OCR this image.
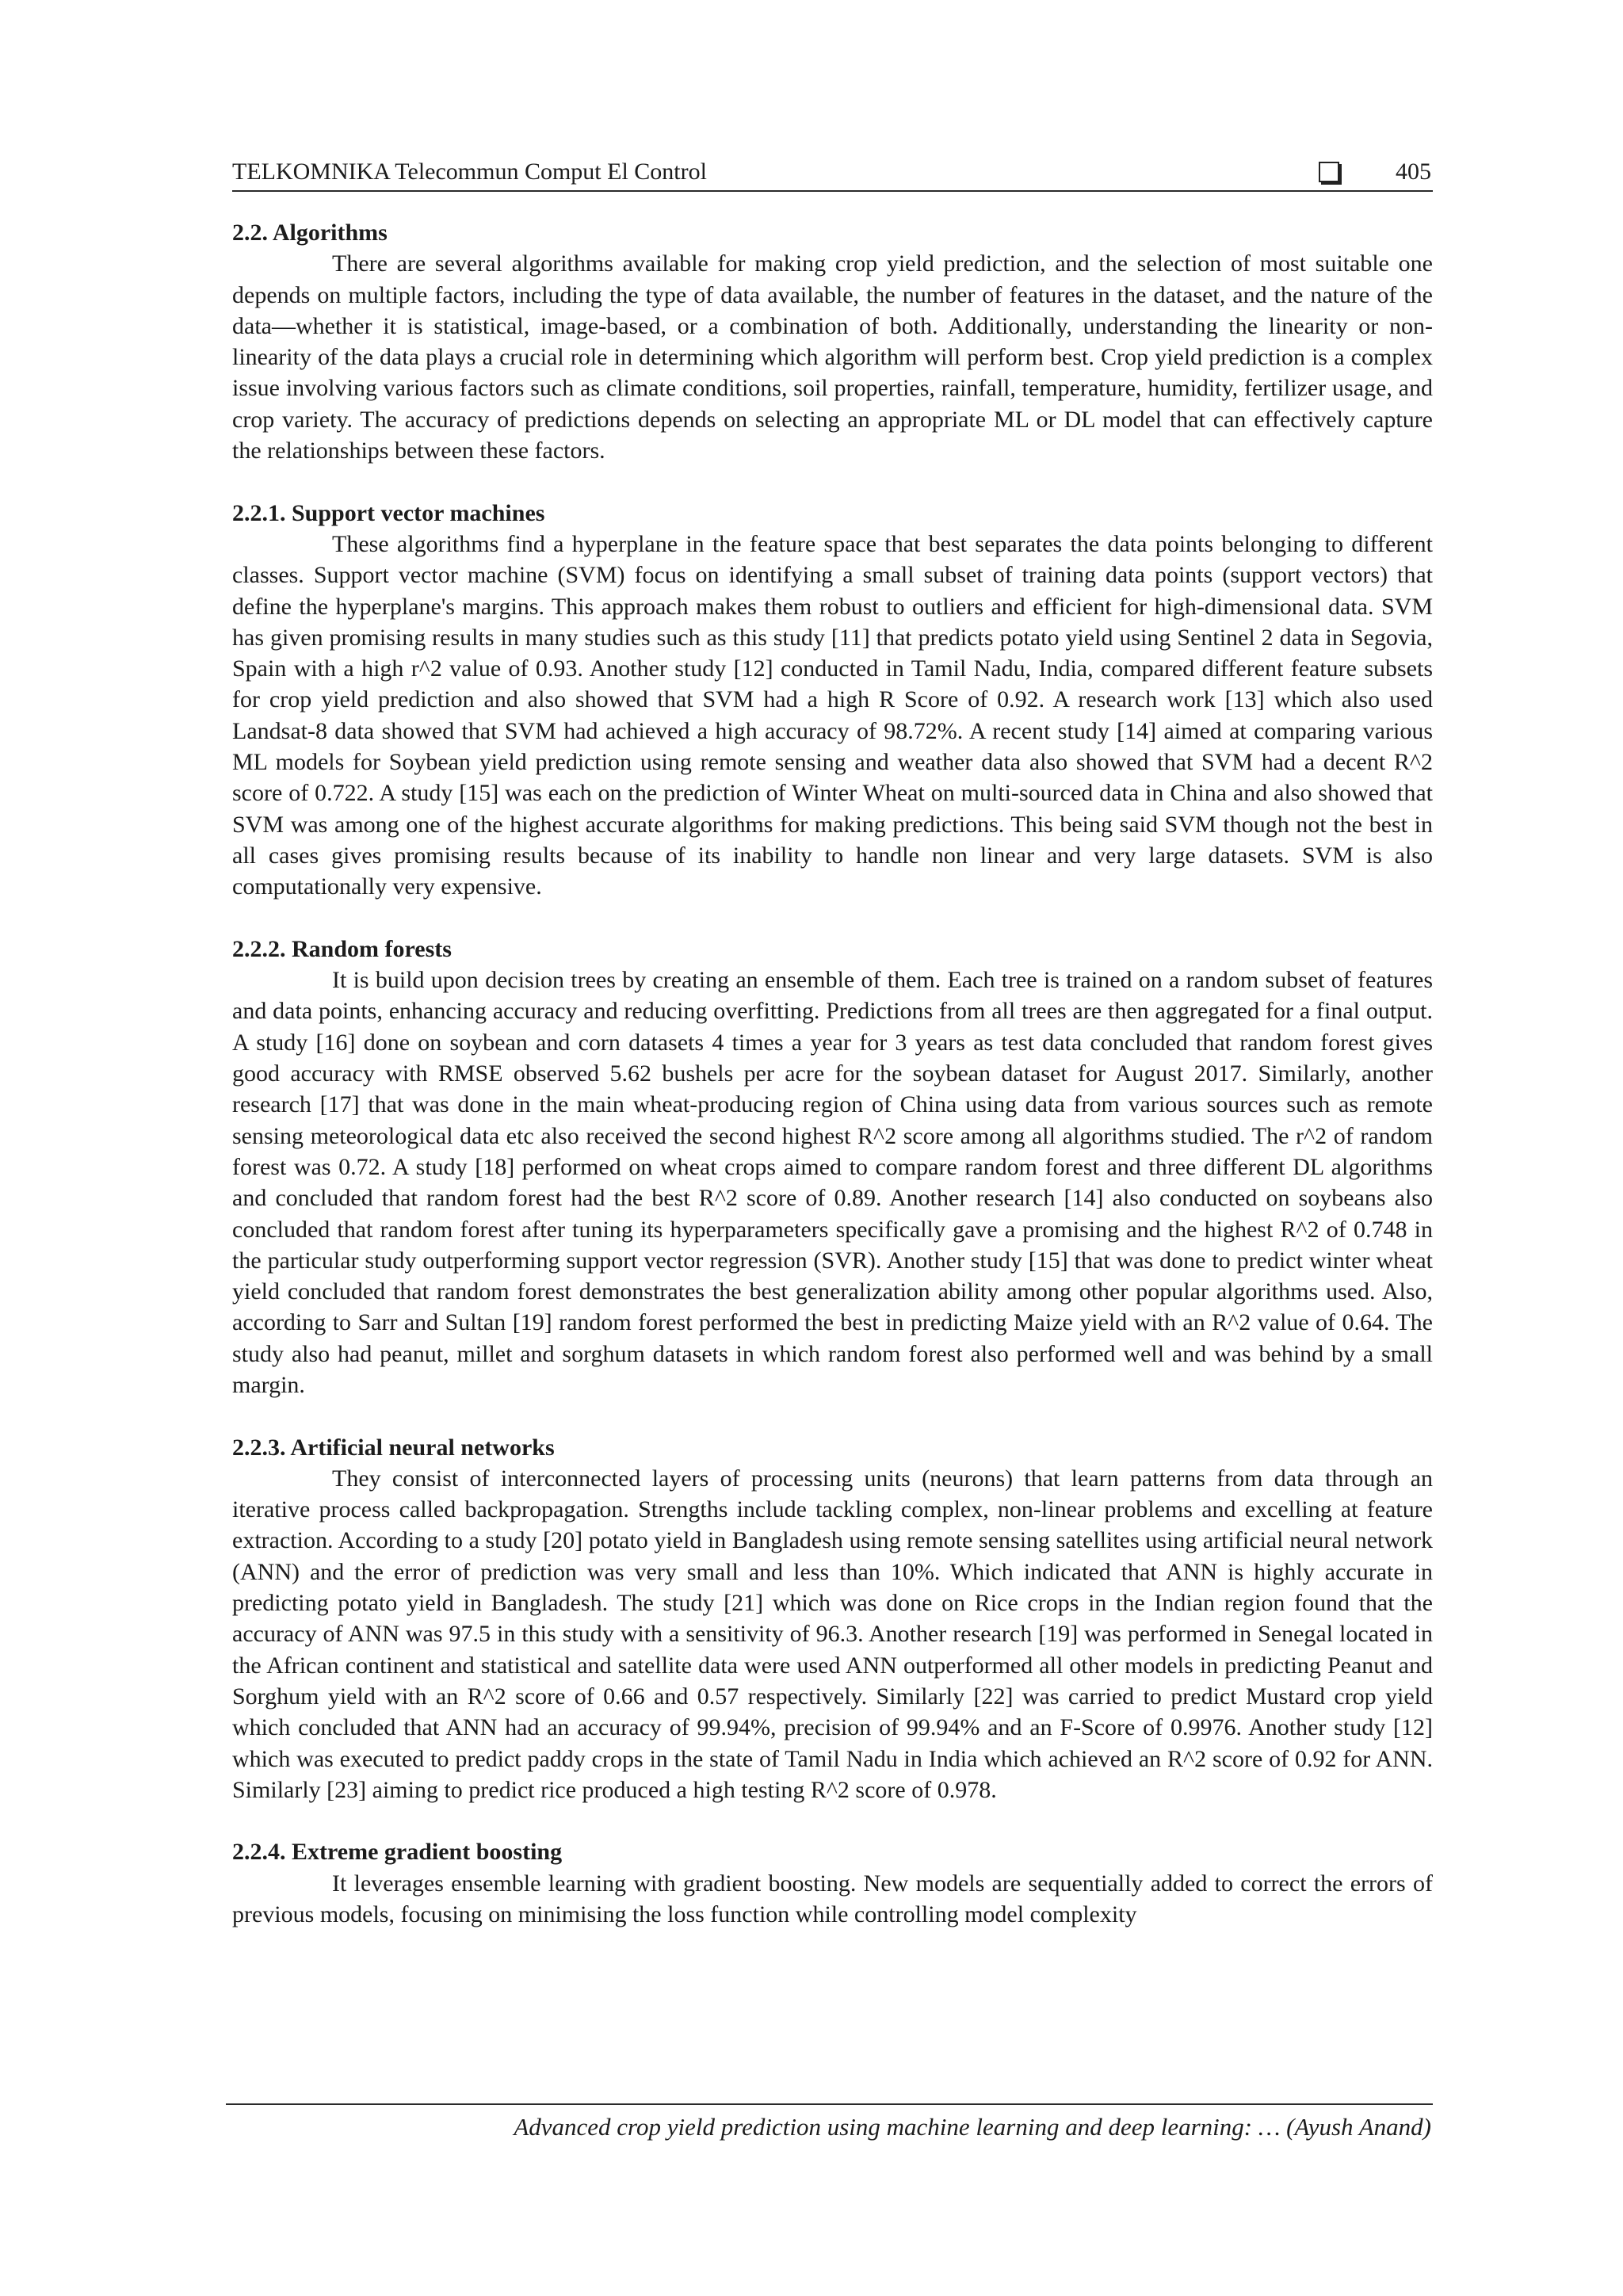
TELKOMNIKA Telecommun Comput El Control	405
2.2. Algorithms

There are several algorithms available for making crop yield prediction, and the selection of most suitable one depends on multiple factors, including the type of data available, the number of features in the dataset, and the nature of the data—whether it is statistical, image-based, or a combination of both. Additionally, understanding the linearity or non-linearity of the data plays a crucial role in determining which algorithm will perform best. Crop yield prediction is a complex issue involving various factors such as climate conditions, soil properties, rainfall, temperature, humidity, fertilizer usage, and crop variety. The accuracy of predictions depends on selecting an appropriate ML or DL model that can effectively capture the relationships between these factors.

2.2.1. Support vector machines

These algorithms find a hyperplane in the feature space that best separates the data points belonging to different classes. Support vector machine (SVM) focus on identifying a small subset of training data points (support vectors) that define the hyperplane's margins. This approach makes them robust to outliers and efficient for high-dimensional data. SVM has given promising results in many studies such as this study [11] that predicts potato yield using Sentinel 2 data in Segovia, Spain with a high r^2 value of 0.93. Another study [12] conducted in Tamil Nadu, India, compared different feature subsets for crop yield prediction and also showed that SVM had a high R Score of 0.92. A research work [13] which also used Landsat-8 data showed that SVM had achieved a high accuracy of 98.72%. A recent study [14] aimed at comparing various ML models for Soybean yield prediction using remote sensing and weather data also showed that SVM had a decent R^2 score of 0.722. A study [15] was each on the prediction of Winter Wheat on multi-sourced data in China and also showed that SVM was among one of the highest accurate algorithms for making predictions. This being said SVM though not the best in all cases gives promising results because of its inability to handle non linear and very large datasets. SVM is also computationally very expensive.

2.2.2. Random forests

It is build upon decision trees by creating an ensemble of them. Each tree is trained on a random subset of features and data points, enhancing accuracy and reducing overfitting. Predictions from all trees are then aggregated for a final output. A study [16] done on soybean and corn datasets 4 times a year for 3 years as test data concluded that random forest gives good accuracy with RMSE observed 5.62 bushels per acre for the soybean dataset for August 2017. Similarly, another research [17] that was done in the main wheat-producing region of China using data from various sources such as remote sensing meteorological data etc also received the second highest R^2 score among all algorithms studied. The r^2 of random forest was 0.72. A study [18] performed on wheat crops aimed to compare random forest and three different DL algorithms and concluded that random forest had the best R^2 score of 0.89. Another research [14] also conducted on soybeans also concluded that random forest after tuning its hyperparameters specifically gave a promising and the highest R^2 of 0.748 in the particular study outperforming support vector regression (SVR). Another study [15] that was done to predict winter wheat yield concluded that random forest demonstrates the best generalization ability among other popular algorithms used. Also, according to Sarr and Sultan [19] random forest performed the best in predicting Maize yield with an R^2 value of 0.64. The study also had peanut, millet and sorghum datasets in which random forest also performed well and was behind by a small margin.

2.2.3. Artificial neural networks

They consist of interconnected layers of processing units (neurons) that learn patterns from data through an iterative process called backpropagation. Strengths include tackling complex, non-linear problems and excelling at feature extraction. According to a study [20] potato yield in Bangladesh using remote sensing satellites using artificial neural network (ANN) and the error of prediction was very small and less than 10%. Which indicated that ANN is highly accurate in predicting potato yield in Bangladesh. The study [21] which was done on Rice crops in the Indian region found that the accuracy of ANN was 97.5 in this study with a sensitivity of 96.3. Another research [19] was performed in Senegal located in the African continent and statistical and satellite data were used ANN outperformed all other models in predicting Peanut and Sorghum yield with an R^2 score of 0.66 and 0.57 respectively. Similarly [22] was carried to predict Mustard crop yield which concluded that ANN had an accuracy of 99.94%, precision of 99.94% and an F-Score of 0.9976. Another study [12] which was executed to predict paddy crops in the state of Tamil Nadu in India which achieved an R^2 score of 0.92 for ANN. Similarly [23] aiming to predict rice produced a high testing R^2 score of 0.978.

2.2.4. Extreme gradient boosting

It leverages ensemble learning with gradient boosting. New models are sequentially added to correct the errors of previous models, focusing on minimising the loss function while controlling model complexity

Advanced crop yield prediction using machine learning and deep learning: … (Ayush Anand)
